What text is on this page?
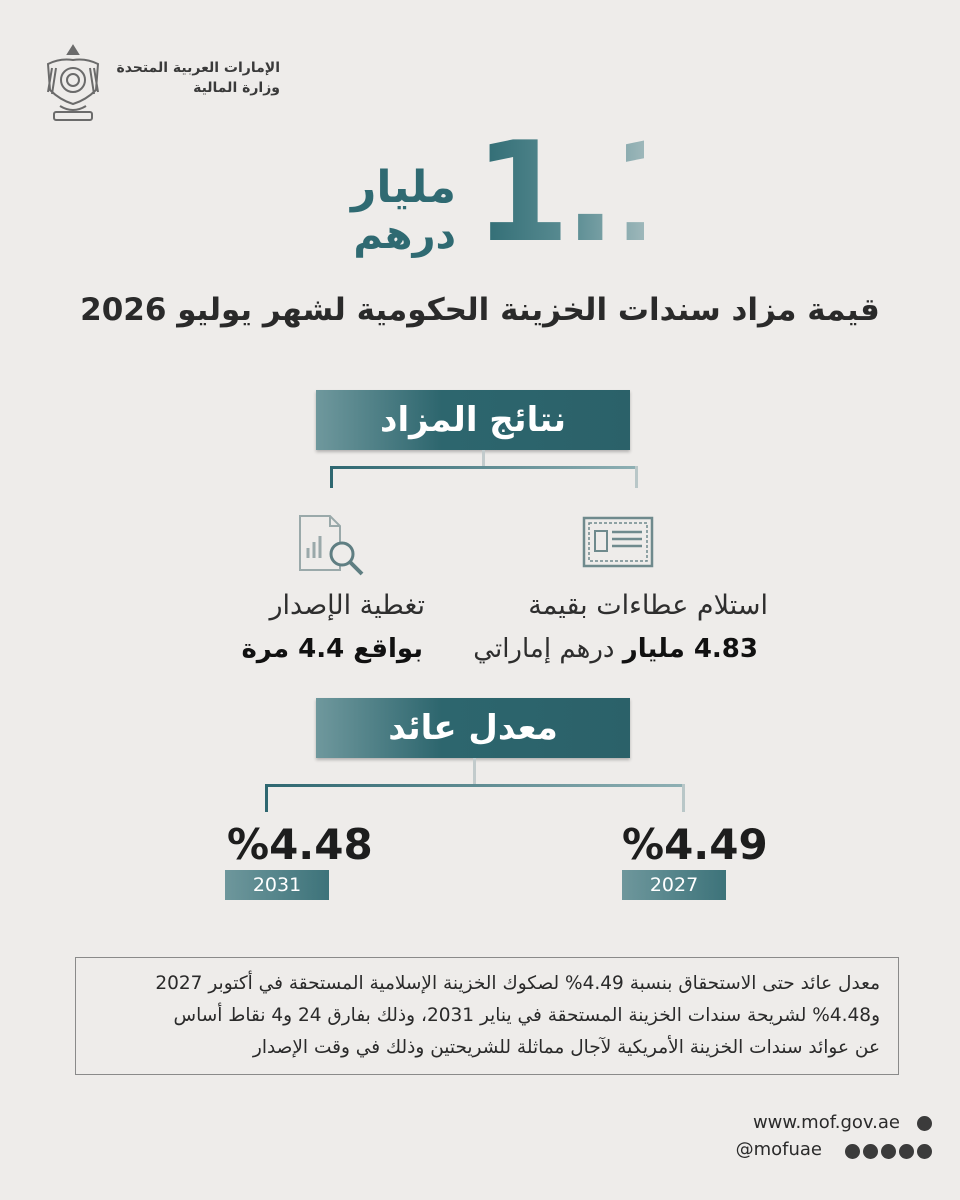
الإمارات العربية المتحدة
وزارة المالية
1.1
مليار
درهم
قيمة مزاد سندات الخزينة الحكومية لشهر يوليو 2026
نتائج المزاد
استلام عطاءات بقيمة
4.83 مليار درهم إماراتي
تغطية الإصدار
بواقع 4.4 مرة
معدل عائد
%4.49
2027
%4.48
2031
معدل عائد حتى الاستحقاق بنسبة 4.49% لصكوك الخزينة الإسلامية المستحقة في أكتوبر 2027
و4.48% لشريحة سندات الخزينة المستحقة في يناير 2031، وذلك بفارق 24 و4 نقاط أساس
عن عوائد سندات الخزينة الأمريكية لآجال مماثلة للشريحتين وذلك في وقت الإصدار
www.mof.gov.ae
@mofuae
